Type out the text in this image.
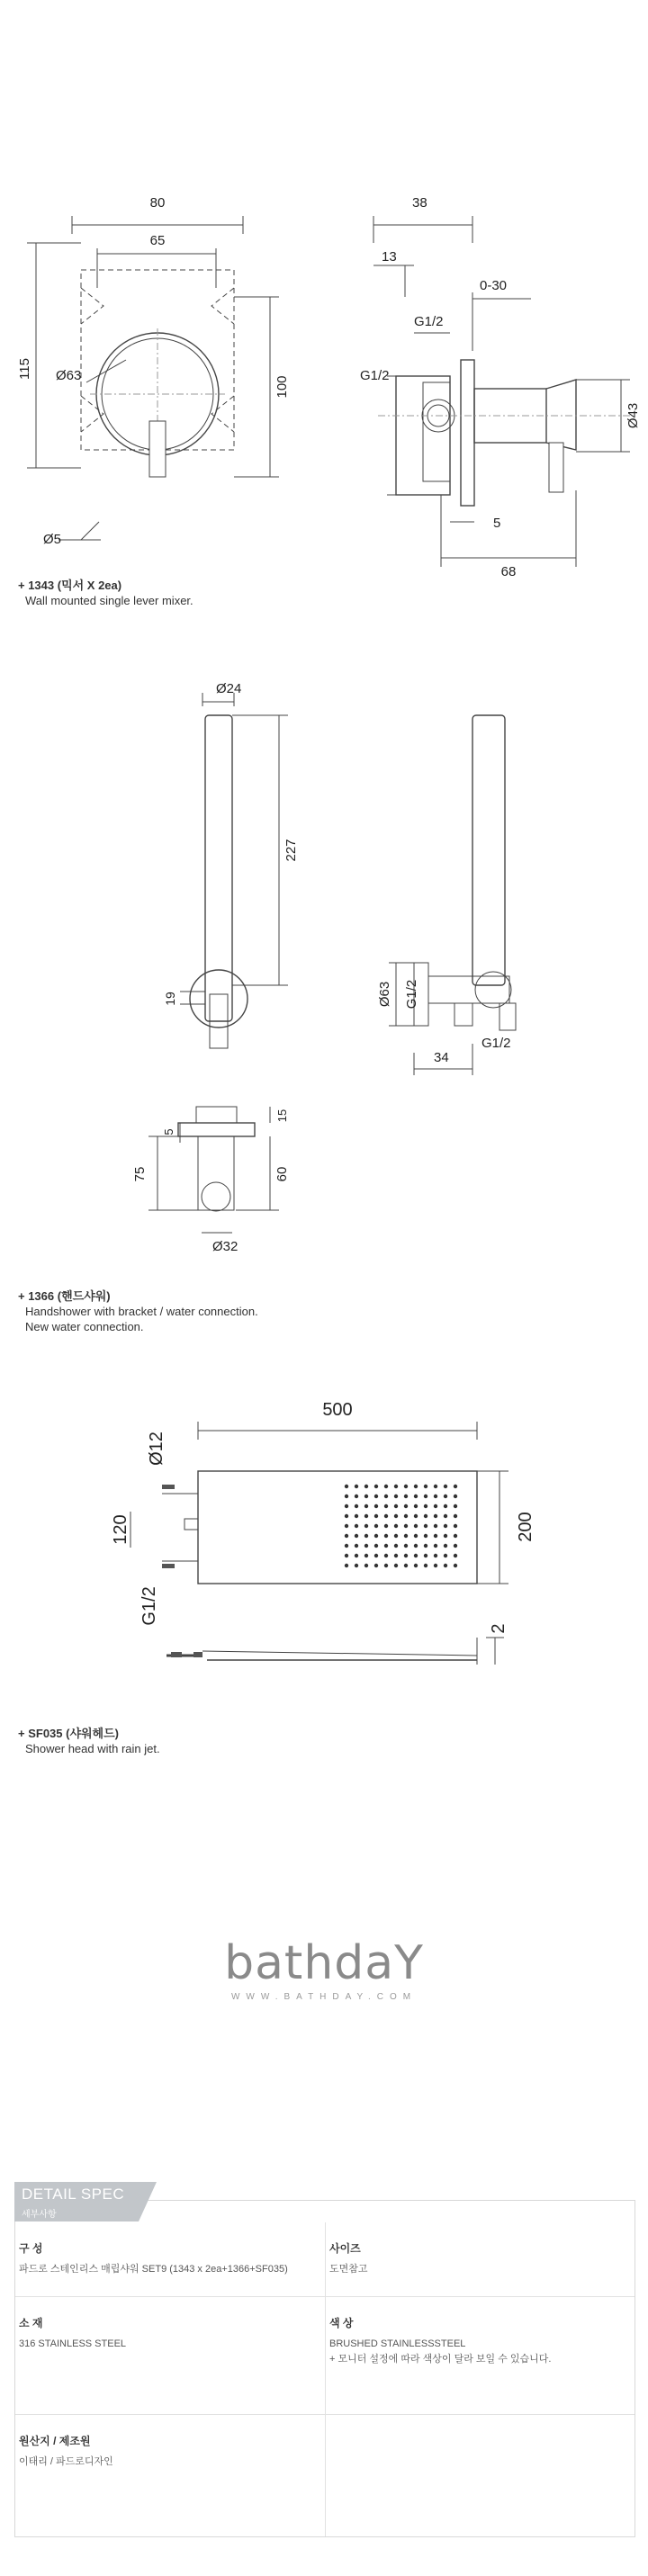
80
65
Ø63
115
100
Ø5
38
13
0-30
G1/2
G1/2
Ø43
5
68
+ 1343 (믹서 X 2ea)
Wall mounted single lever mixer.
Ø24
227
19	Ø63 G1/2
G1/2
34
15
5
75	60
Ø32
+ 1366 (핸드샤워)
Handshower with bracket / water connection.
New water connection.
500
Ø12
120	200
G1/2
2
+ SF035 (샤워헤드)
Shower head with rain jet.
bathdaY
WWW.BATHDAY.COM
구 성
파드로 스테인리스 매립샤워 SET9 (1343 x 2ea+1366+SF035)
사이즈
도면참고
소 재
316 STAINLESS STEEL
색 상
BRUSHED STAINLESSSTEEL
+ 모니터 설정에 따라 색상이 달라 보일 수 있습니다.
원산지 / 제조원
이태리 / 파드로디자인
DETAIL SPEC
세부사항
